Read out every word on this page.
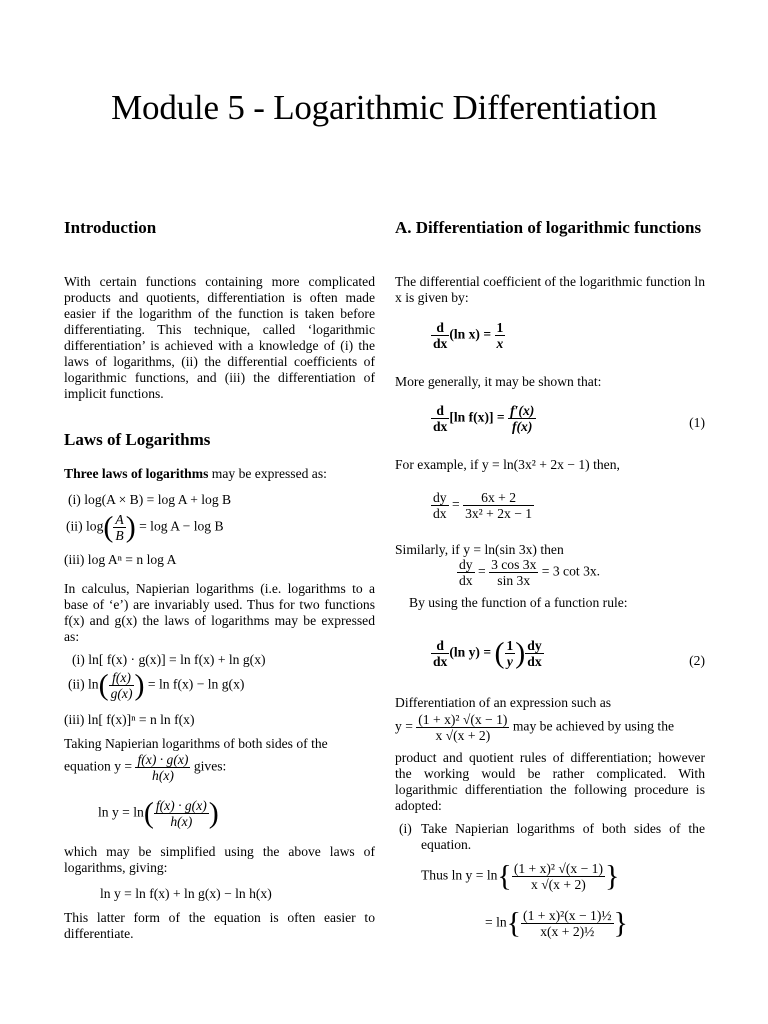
Module 5 - Logarithmic Differentiation
Introduction

With certain functions containing more complicated products and quotients, differentiation is often made easier if the logarithm of the function is taken before differentiating. This technique, called ‘logarithmic differentiation’ is achieved with a knowledge of (i) the laws of logarithms, (ii) the differential coefficients of logarithmic functions, and (iii) the differentiation of implicit functions.

Laws of Logarithms

Three laws of logarithms may be expressed as:

(i) log(A × B) = log A + log B
(ii) $\log( \frac{A}{B}$ ) = log A − log B
(iii) log Aⁿ = n log A

In calculus, Napierian logarithms (i.e. logarithms to a base of ‘e’) are invariably used. Thus for two functions f(x) and g(x) the laws of logarithms may be expressed as:

(i) ln[ f(x) · g(x)] = ln f(x) + ln g(x)
(ii) $\ln( \frac{f(x)}{g(x)}$ ) = ln f(x) − ln g(x)
(iii) ln[ f(x)]ⁿ = n ln f(x)

Taking Napierian logarithms of both sides of the

equation $y = \frac{f(x) \cdot g(x)}{h(x)}$ gives:
$\ln y = \ln( \frac{f(x) \cdot g(x)}{h(x)}$ )

which may be simplified using the above laws of logarithms, giving:

ln y = ln f(x) + ln g(x) − ln h(x)

This latter form of the equation is often easier to differentiate.

A. Differentiation of logarithmic functions

The differential coefficient of the logarithmic function ln x is given by:

$\frac{d}{dx} (\ln$ $x) = \frac{1}{x}$

More generally, it may be shown that:

$\frac{d}{dx} [\ln$ $f(x)] = \frac{f'(x)}{f(x)}$	(1)

For example, if y = ln(3x² + 2x − 1) then,

$\frac{dy}{dx} = \frac{6x + 2}{\text{3x² + 2x − 1}}$

Similarly, if y = ln(sin 3x) then

$\frac{dy}{dx} = \frac{3 \cos 3x}{\sin 3x} = 3$ cot 3x.

By using the function of a function rule:

$\frac{d}{dx} (\ln$ y) = ( $\frac{1}{y}$ ) $\frac{dy}{dx}$	(2)

Differentiation of an expression such as

$y = \frac{\text{(1 + x)² √(x − 1)}}{x √(x + 2)}$ may be achieved by using the

product and quotient rules of differentiation; however the working would be rather complicated. With logarithmic differentiation the following procedure is adopted:

(i) Take Napierian logarithms of both sides of the equation.

Thus $\ln y = \ln\{ \frac{\text{(1 + x)² √(x − 1)}}{x √(x + 2)}$ }
= $\ln\{ \frac{\text{(1 + x)²(x − 1)½}}{\text{x(x + 2)½}}$ }
